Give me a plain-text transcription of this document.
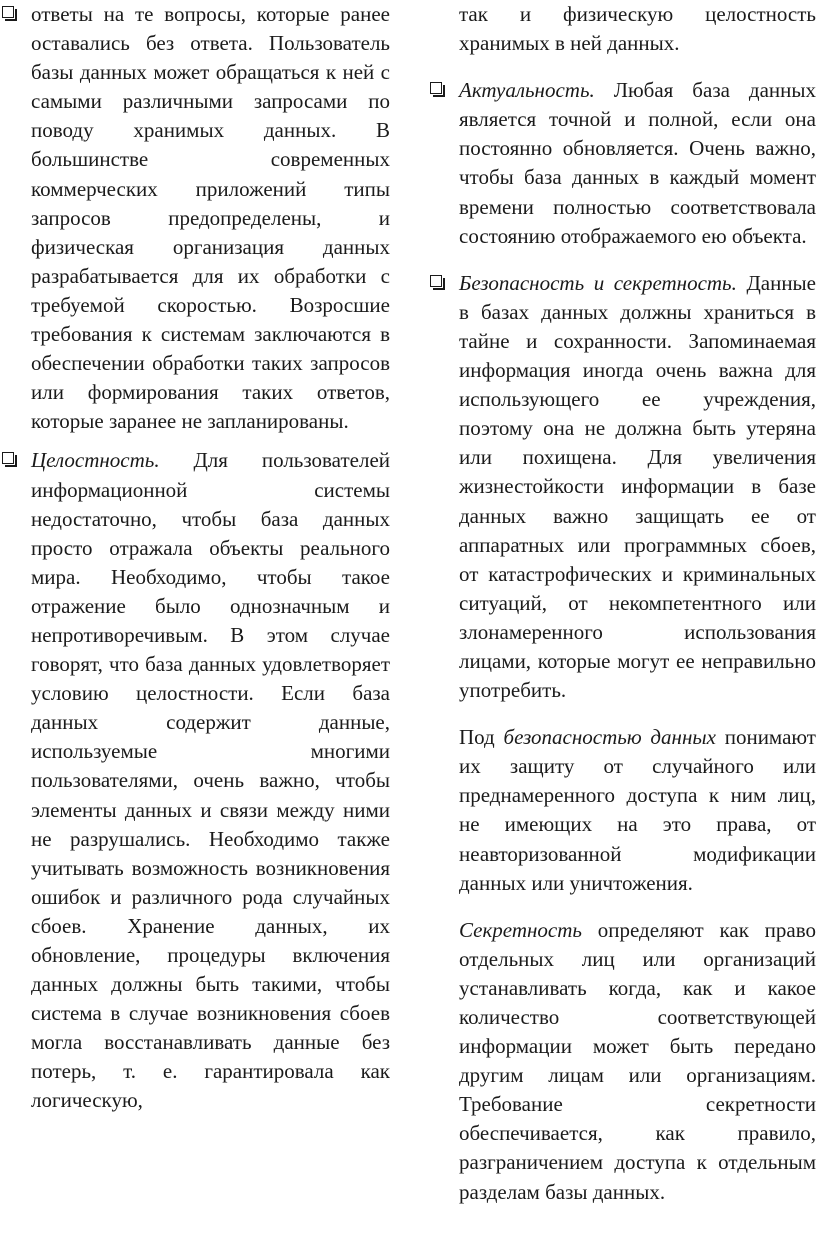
ответы на те вопросы, которые ранее оставались без ответа. Пользователь базы данных может обращаться к ней с самыми различными запросами по поводу хранимых данных. В большинстве современных коммерческих приложений типы запросов предопределены, и физическая организация данных разрабатывается для их обработки с требуемой скоростью. Возросшие требования к системам заключаются в обеспечении обработки таких запросов или формирования таких ответов, которые заранее не запланированы.

Целостность. Для пользователей информационной системы недостаточно, чтобы база данных просто отражала объекты реального мира. Необходимо, чтобы такое отражение было однозначным и непротиворечивым. В этом случае говорят, что база данных удовлетворяет условию целостности. Если база данных содержит данные, используемые многими пользователями, очень важно, чтобы элементы данных и связи между ними не разрушались. Необходимо также учитывать возможность возникновения ошибок и различного рода случайных сбоев. Хранение данных, их обновление, процедуры включения данных должны быть такими, чтобы система в случае возникновения сбоев могла восстанавливать данные без потерь, т. е. гарантировала как логическую,

так и физическую целостность хранимых в ней данных.

Актуальность. Любая база данных является точной и полной, если она постоянно обновляется. Очень важно, чтобы база данных в каждый момент времени полностью соответствовала состоянию отображаемого ею объекта.

Безопасность и секретность. Данные в базах данных должны храниться в тайне и сохранности. Запоминаемая информация иногда очень важна для использующего ее учреждения, поэтому она не должна быть утеряна или похищена. Для увеличения жизнестойкости информации в базе данных важно защищать ее от аппаратных или программных сбоев, от катастрофических и криминальных ситуаций, от некомпетентного или злонамеренного использования лицами, которые могут ее неправильно употребить.

Под безопасностью данных понимают их защиту от случайного или преднамеренного доступа к ним лиц, не имеющих на это права, от неавторизованной модификации данных или уничтожения.

Секретность определяют как право отдельных лиц или организаций устанавливать когда, как и какое количество соответствующей информации может быть передано другим лицам или организациям. Требование секретности обеспечивается, как правило, разграничением доступа к отдельным разделам базы данных.
